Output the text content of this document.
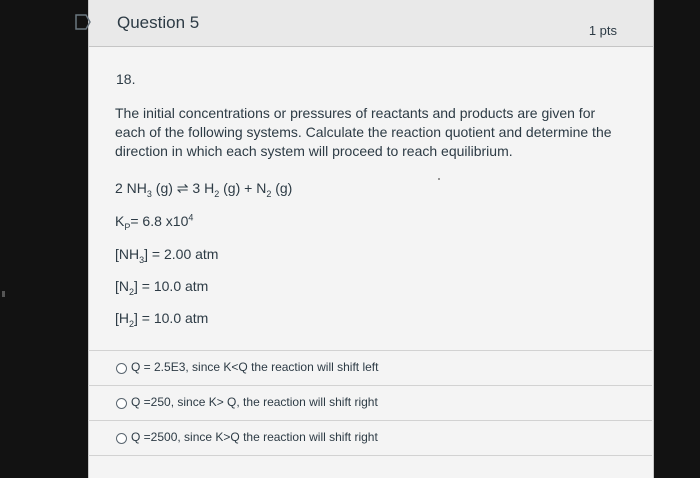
Question 5	1 pts
18.

The initial concentrations or pressures of reactants and products are given for each of the following systems. Calculate the reaction quotient and determine the direction in which each system will proceed to reach equilibrium.

2 $NH_3$ (g) ⇌ 3 $H_2$ $(g) + N_2$ (g)
$K_P= 6.8$ $x10^4$
$[NH_3] = 2.00$ atm
$[N_2] = 10.0$ atm
$[H_2] = 10.0$ atm
Q = 2.5E3, since K<Q the reaction will shift left
Q =250, since K> Q, the reaction will shift right
Q =2500, since K>Q the reaction will shift right
